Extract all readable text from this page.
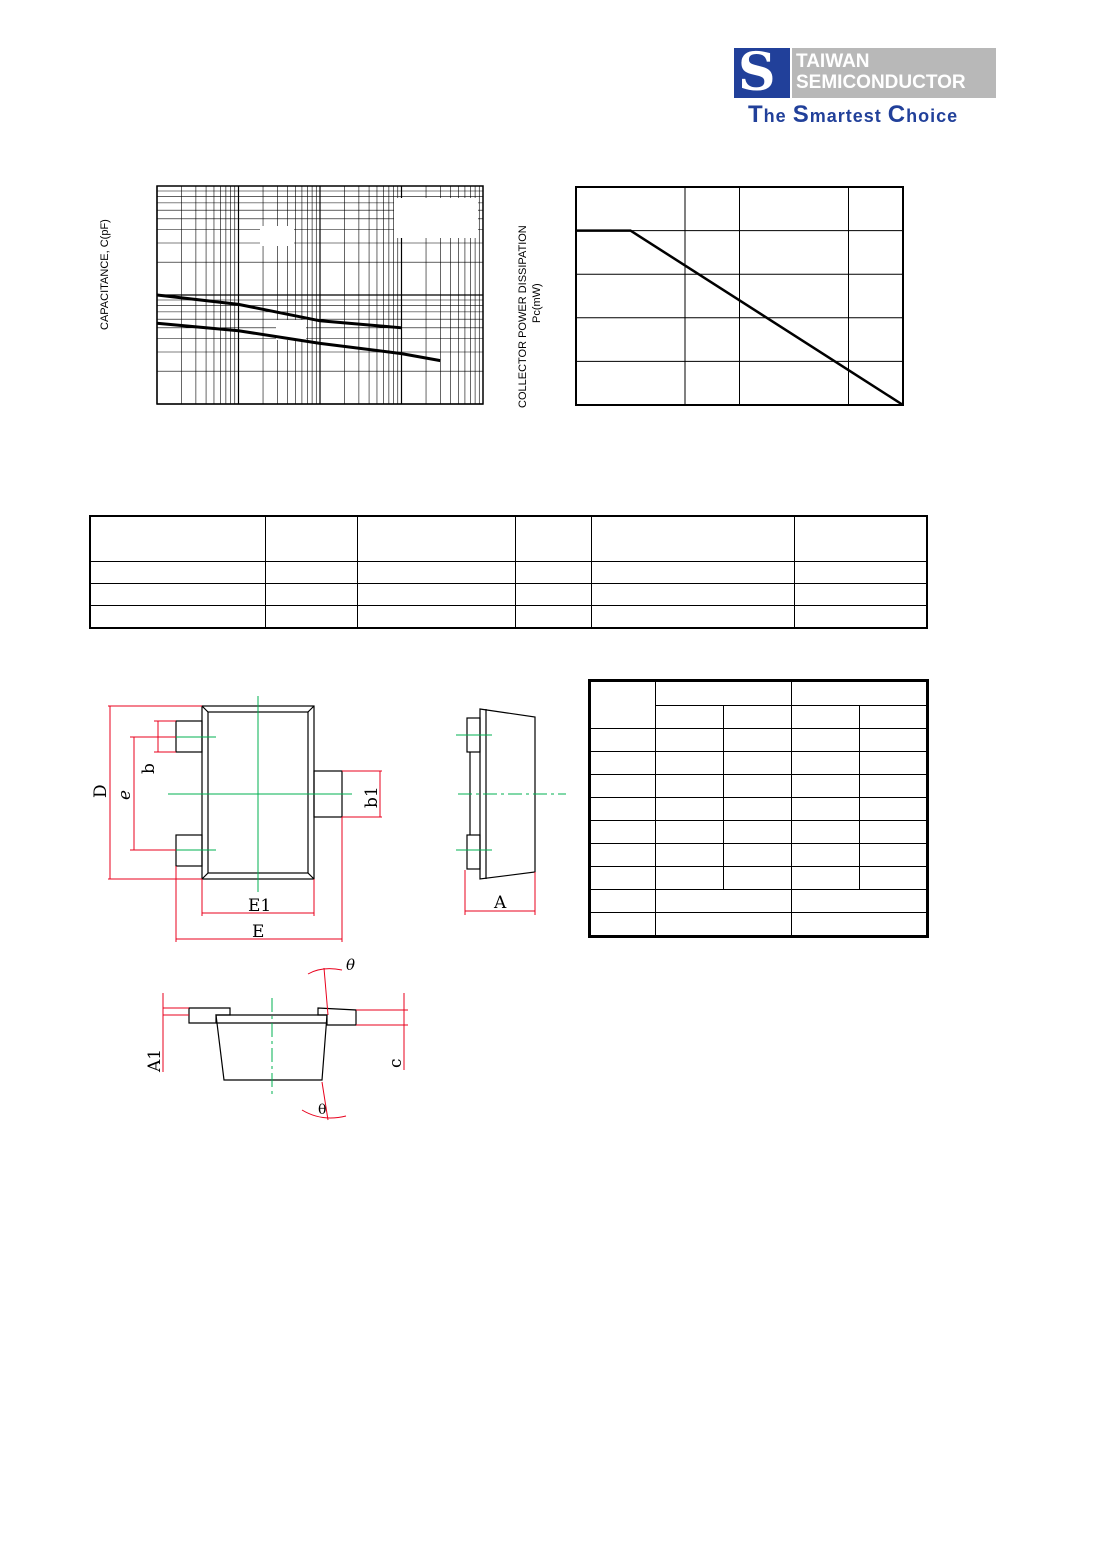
S TAIWAN
SEMICONDUCTOR
The Smartest Choice
CAPACITANCE, C(pF)	COLLECTOR POWER DISSIPATION Pc(mW)

D e
b
b1
E1
E
A
A1	c
θ
θ
